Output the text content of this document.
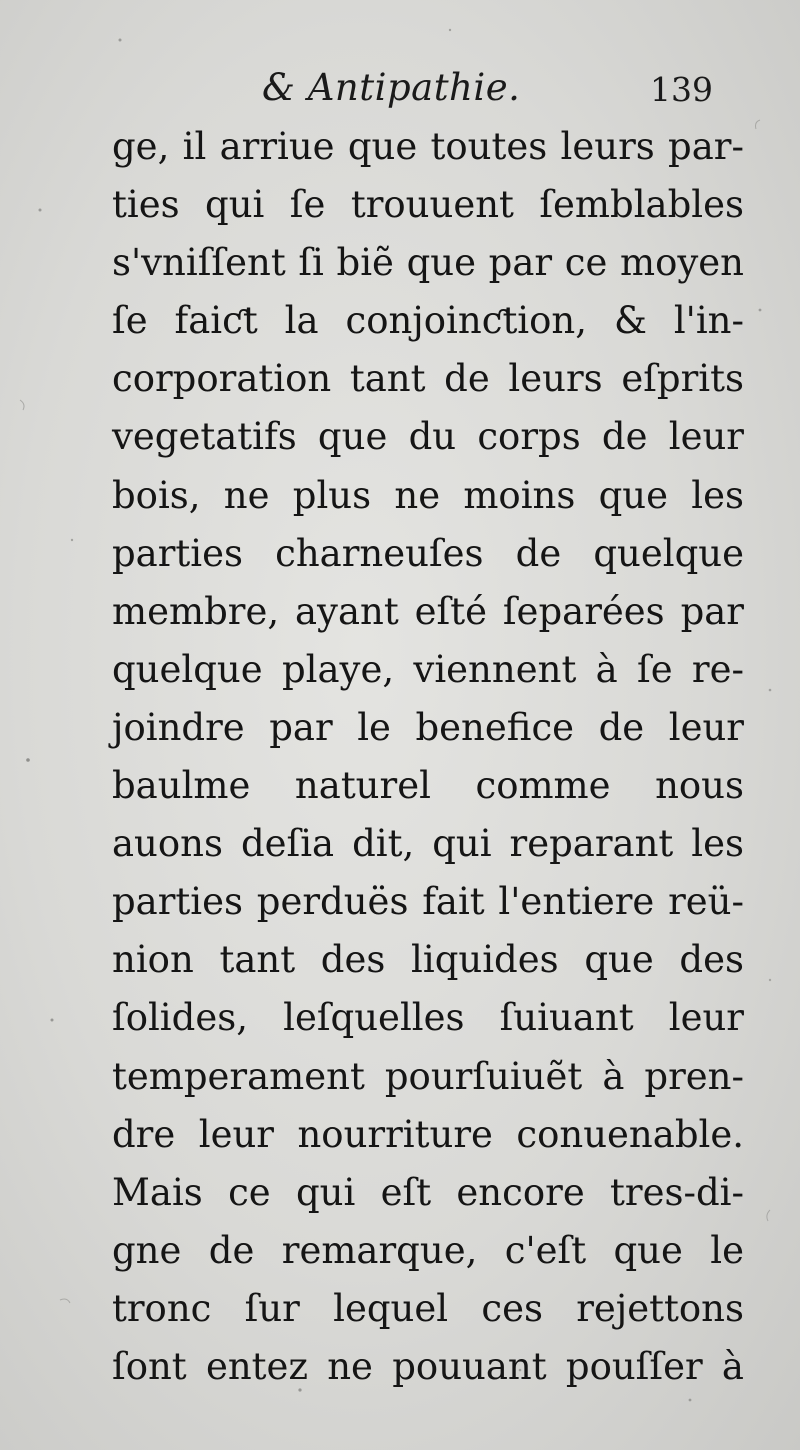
& Antipathie.	139
ge, il arriue que toutes leurs par-
ties qui ſe trouuent ſemblables
s'vniſſent ſi biẽ que par ce moyen
ſe faiƈt la conjoinƈtion, & l'in-
corporation tant de leurs eſprits
vegetatifs que du corps de leur
bois, ne plus ne moins que les
parties charneuſes de quelque
membre, ayant eſté ſeparées par
quelque playe, viennent à ſe re-
joindre par le benefice de leur
baulme naturel comme nous
auons deſia dit, qui reparant les
parties perduës fait l'entiere reü-
nion tant des liquides que des
ſolides, leſquelles ſuiuant leur
temperament pourſuiuẽt à pren-
dre leur nourriture conuenable.
Mais ce qui eſt encore tres-di-
gne de remarque, c'eſt que le
tronc ſur lequel ces rejettons
ſont entez ne pouuant pouſſer à
